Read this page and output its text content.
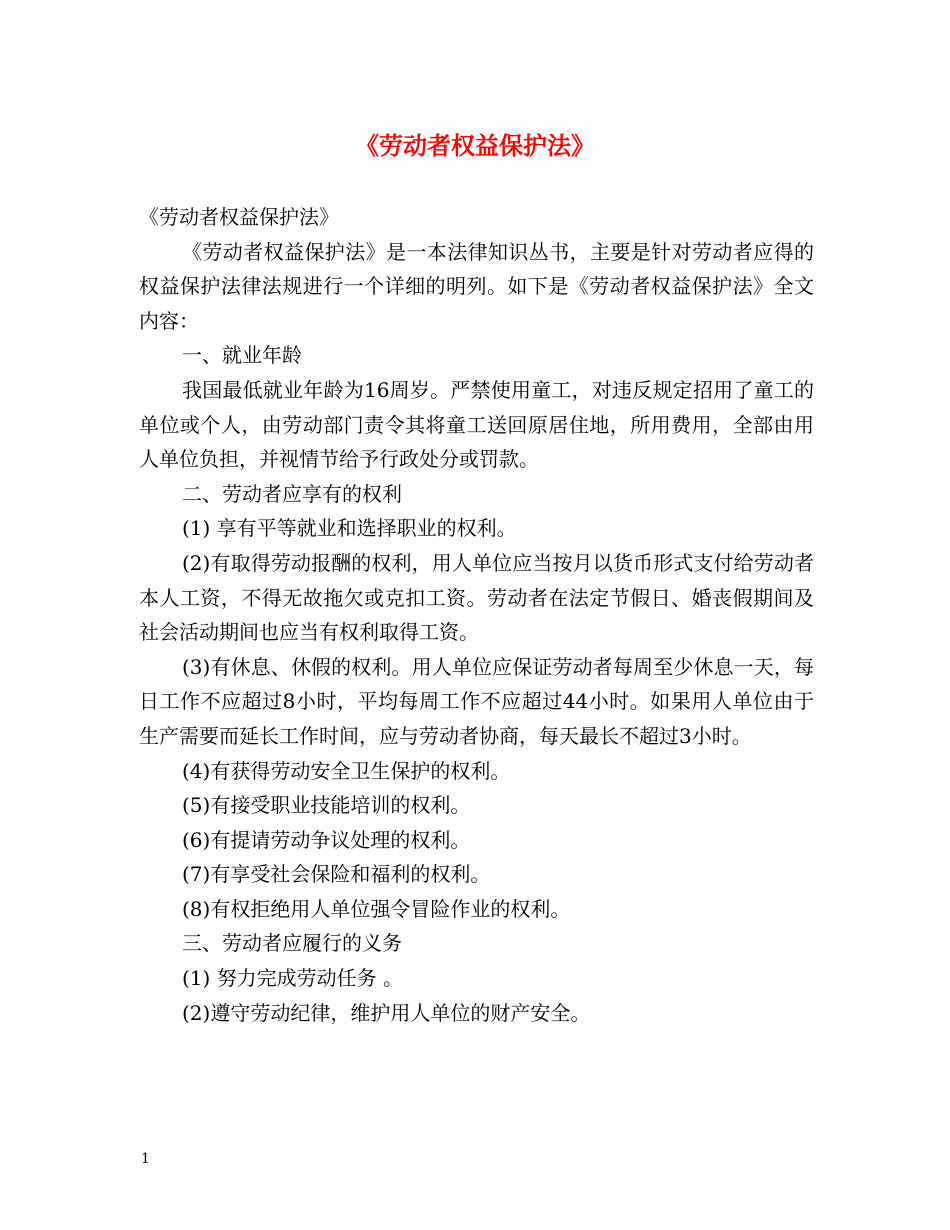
《劳动者权益保护法》

《劳动者权益保护法》

《劳动者权益保护法》是一本法律知识丛书，主要是针对劳动者应得的权益保护法律法规进行一个详细的明列。如下是《劳动者权益保护法》全文内容：

一、就业年龄

我国最低就业年龄为16周岁。严禁使用童工，对违反规定招用了童工的单位或个人，由劳动部门责令其将童工送回原居住地，所用费用，全部由用人单位负担，并视情节给予行政处分或罚款。

二、劳动者应享有的权利

(1) 享有平等就业和选择职业的权利。

(2)有取得劳动报酬的权利，用人单位应当按月以货币形式支付给劳动者本人工资，不得无故拖欠或克扣工资。劳动者在法定节假日、婚丧假期间及社会活动期间也应当有权利取得工资。

(3)有休息、休假的权利。用人单位应保证劳动者每周至少休息一天，每日工作不应超过8小时，平均每周工作不应超过44小时。如果用人单位由于生产需要而延长工作时间，应与劳动者协商，每天最长不超过3小时。

(4)有获得劳动安全卫生保护的权利。

(5)有接受职业技能培训的权利。

(6)有提请劳动争议处理的权利。

(7)有享受社会保险和福利的权利。

(8)有权拒绝用人单位强令冒险作业的权利。

三、劳动者应履行的义务

(1) 努力完成劳动任务 。

(2)遵守劳动纪律，维护用人单位的财产安全。

1
